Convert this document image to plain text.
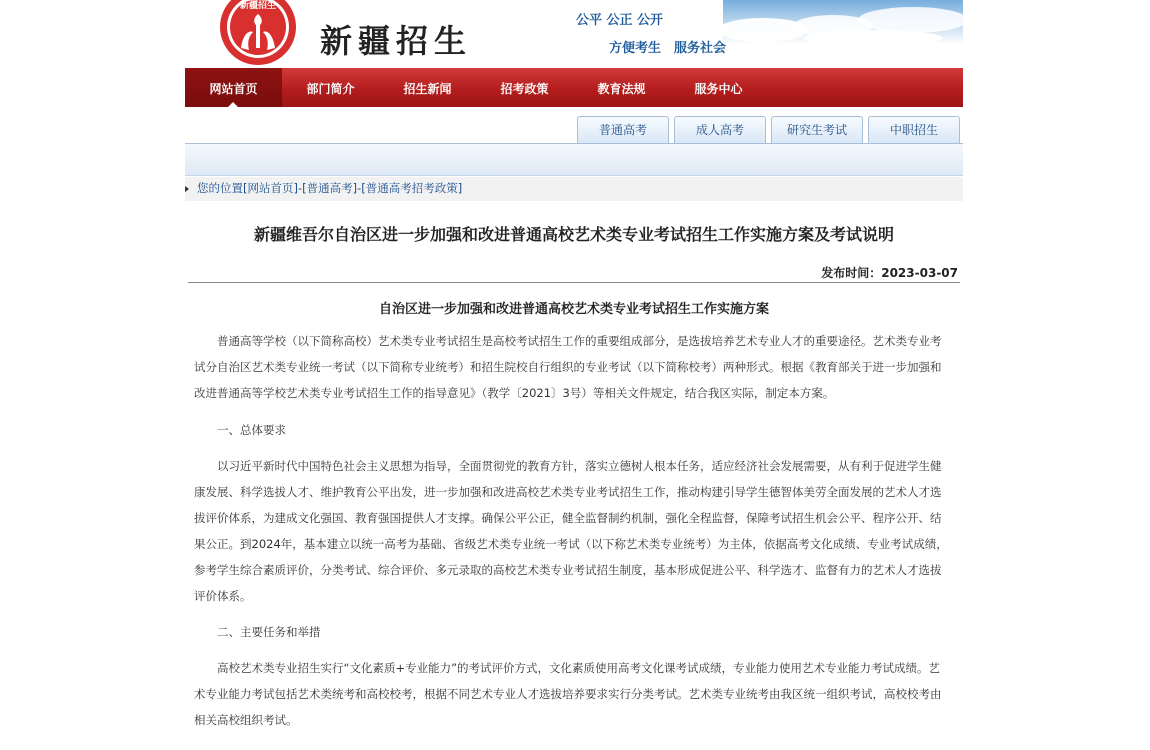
新疆招生
新疆招生
公平 公正 公开
方便考生　服务社会
网站首页	部门简介	招生新闻	招考政策	教育法规	服务中心
普通高考	成人高考	研究生考试	中职招生
您的位置[网站首页]-[普通高考]-[普通高考招考政策]
新疆维吾尔自治区进一步加强和改进普通高校艺术类专业考试招生工作实施方案及考试说明
发布时间：2023-03-07
自治区进一步加强和改进普通高校艺术类专业考试招生工作实施方案

普通高等学校（以下简称高校）艺术类专业考试招生是高校考试招生工作的重要组成部分，是选拔培养艺术专业人才的重要途径。艺术类专业考试分自治区艺术类专业统一考试（以下简称专业统考）和招生院校自行组织的专业考试（以下简称校考）两种形式。根据《教育部关于进一步加强和改进普通高等学校艺术类专业考试招生工作的指导意见》（教学〔2021〕3号）等相关文件规定，结合我区实际，制定本方案。

一、总体要求

以习近平新时代中国特色社会主义思想为指导，全面贯彻党的教育方针，落实立德树人根本任务，适应经济社会发展需要，从有利于促进学生健康发展、科学选拔人才、维护教育公平出发，进一步加强和改进高校艺术类专业考试招生工作，推动构建引导学生德智体美劳全面发展的艺术人才选拔评价体系，为建成文化强国、教育强国提供人才支撑。确保公平公正，健全监督制约机制，强化全程监督，保障考试招生机会公平、程序公开、结果公正。到2024年，基本建立以统一高考为基础、省级艺术类专业统一考试（以下称艺术类专业统考）为主体，依据高考文化成绩、专业考试成绩，参考学生综合素质评价，分类考试、综合评价、多元录取的高校艺术类专业考试招生制度，基本形成促进公平、科学选才、监督有力的艺术人才选拔评价体系。

二、主要任务和举措

高校艺术类专业招生实行“文化素质+专业能力”的考试评价方式，文化素质使用高考文化课考试成绩，专业能力使用艺术专业能力考试成绩。艺术专业能力考试包括艺术类统考和高校校考，根据不同艺术专业人才选拔培养要求实行分类考试。艺术类专业统考由我区统一组织考试，高校校考由相关高校组织考试。
